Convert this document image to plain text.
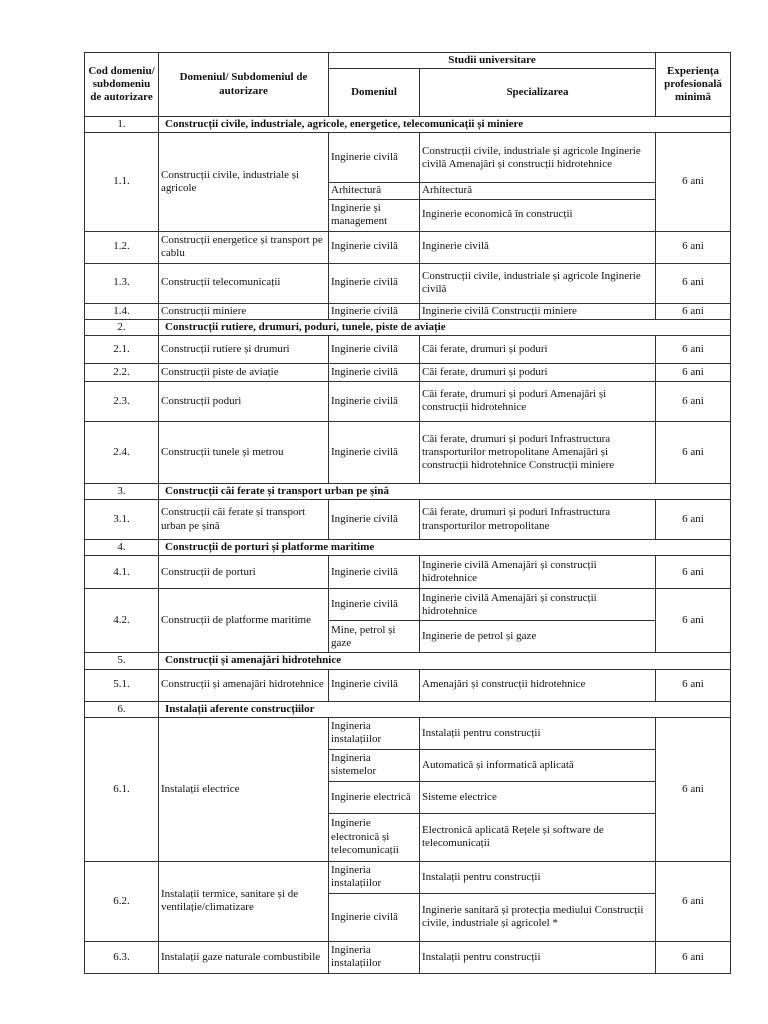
Cod domeniu/ subdomeniu de autorizare	Domeniul/ Subdomeniul de autorizare	Studii universitare		Experiența profesională minimă
		Domeniul	Specializarea	
1.	Construcții civile, industriale, agricole, energetice, telecomunicații și miniere			
1.1.	Construcții civile, industriale și agricole	Inginerie civilă	Construcții civile, industriale și agricole Inginerie civilă Amenajări și construcții hidrotehnice	6 ani
		Arhitectură	Arhitectură	
		Inginerie și management	Inginerie economică în construcții	
1.2.	Construcții energetice și transport pe cablu	Inginerie civilă	Inginerie civilă	6 ani
1.3.	Construcții telecomunicații	Inginerie civilă	Construcții civile, industriale și agricole Inginerie civilă	6 ani
1.4.	Construcții miniere	Inginerie civilă	Inginerie civilă Construcții miniere	6 ani
2.	Construcții rutiere, drumuri, poduri, tunele, piste de aviație			
2.1.	Construcții rutiere și drumuri	Inginerie civilă	Căi ferate, drumuri și poduri	6 ani
2.2.	Construcții piste de aviație	Inginerie civilă	Căi ferate, drumuri și poduri	6 ani
2.3.	Construcții poduri	Inginerie civilă	Căi ferate, drumuri și poduri Amenajări și construcții hidrotehnice	6 ani
2.4.	Construcții tunele și metrou	Inginerie civilă	Căi ferate, drumuri și poduri Infrastructura transporturilor metropolitane Amenajări și construcții hidrotehnice Construcții miniere	6 ani
3.	Construcții căi ferate și transport urban pe șină			
3.1.	Construcții căi ferate și transport urban pe șină	Inginerie civilă	Căi ferate, drumuri și poduri Infrastructura transporturilor metropolitane	6 ani
4.	Construcții de porturi și platforme maritime			
4.1.	Construcții de porturi	Inginerie civilă	Inginerie civilă Amenajări și construcții hidrotehnice	6 ani
4.2.	Construcții de platforme maritime	Inginerie civilă	Inginerie civilă Amenajări și construcții hidrotehnice	6 ani
		Mine, petrol și gaze	Inginerie de petrol și gaze	
5.	Construcții și amenajări hidrotehnice			
5.1.	Construcții și amenajări hidrotehnice	Inginerie civilă	Amenajări și construcții hidrotehnice	6 ani
6.	Instalații aferente construcțiilor			
6.1.	Instalații electrice	Ingineria instalațiilor	Instalații pentru construcții	6 ani
		Ingineria sistemelor	Automatică și informatică aplicată	
		Inginerie electrică	Sisteme electrice	
		Inginerie electronică și telecomunicații	Electronică aplicată Rețele și software de telecomunicații	
6.2.	Instalații termice, sanitare și de ventilație/climatizare	Ingineria instalațiilor	Instalații pentru construcții	6 ani
		Inginerie civilă	Inginerie sanitară și protecția mediului Construcții civile, industriale și agricolel *	
6.3.	Instalații gaze naturale combustibile	Ingineria instalațiilor	Instalații pentru construcții	6 ani
